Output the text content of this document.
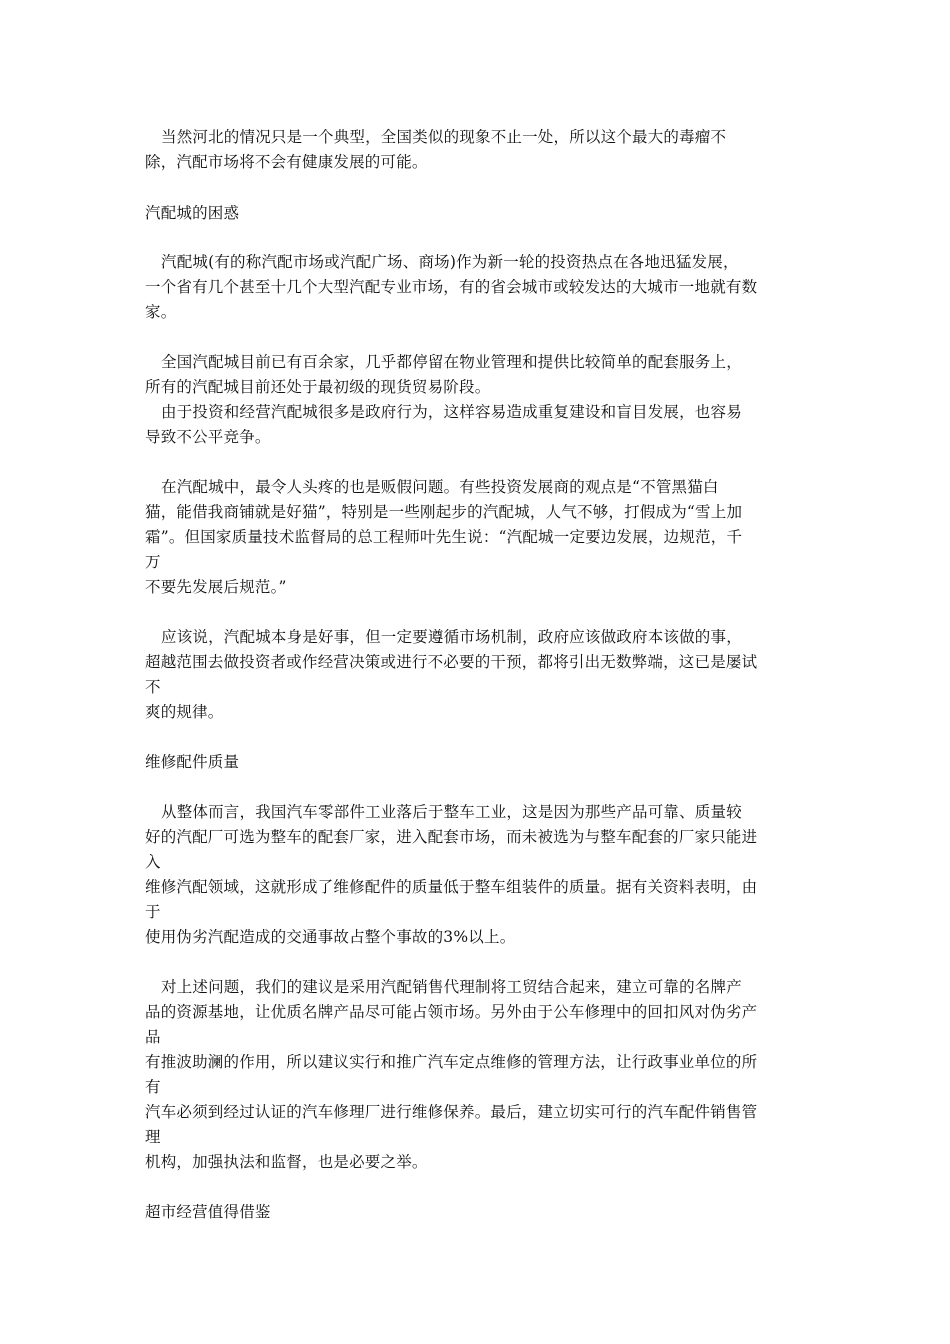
当然河北的情况只是一个典型，全国类似的现象不止一处，所以这个最大的毒瘤不
除，汽配市场将不会有健康发展的可能。
汽配城的困惑
汽配城(有的称汽配市场或汽配广场、商场)作为新一轮的投资热点在各地迅猛发展，
一个省有几个甚至十几个大型汽配专业市场，有的省会城市或较发达的大城市一地就有数
家。
全国汽配城目前已有百余家，几乎都停留在物业管理和提供比较简单的配套服务上，
所有的汽配城目前还处于最初级的现货贸易阶段。
由于投资和经营汽配城很多是政府行为，这样容易造成重复建设和盲目发展，也容易
导致不公平竞争。
在汽配城中，最令人头疼的也是贩假问题。有些投资发展商的观点是“不管黑猫白
猫，能借我商铺就是好猫”，特别是一些刚起步的汽配城，人气不够，打假成为“雪上加
霜”。但国家质量技术监督局的总工程师叶先生说：“汽配城一定要边发展，边规范，千
万
不要先发展后规范。”
应该说，汽配城本身是好事，但一定要遵循市场机制，政府应该做政府本该做的事，
超越范围去做投资者或作经营决策或进行不必要的干预，都将引出无数弊端，这已是屡试
不
爽的规律。
维修配件质量
从整体而言，我国汽车零部件工业落后于整车工业，这是因为那些产品可靠、质量较
好的汽配厂可选为整车的配套厂家，进入配套市场，而未被选为与整车配套的厂家只能进
入
维修汽配领域，这就形成了维修配件的质量低于整车组装件的质量。据有关资料表明，由
于
使用伪劣汽配造成的交通事故占整个事故的3%以上。
对上述问题，我们的建议是采用汽配销售代理制将工贸结合起来，建立可靠的名牌产
品的资源基地，让优质名牌产品尽可能占领市场。另外由于公车修理中的回扣风对伪劣产
品
有推波助澜的作用，所以建议实行和推广汽车定点维修的管理方法，让行政事业单位的所
有
汽车必须到经过认证的汽车修理厂进行维修保养。最后，建立切实可行的汽车配件销售管
理
机构，加强执法和监督，也是必要之举。
超市经营值得借鉴
